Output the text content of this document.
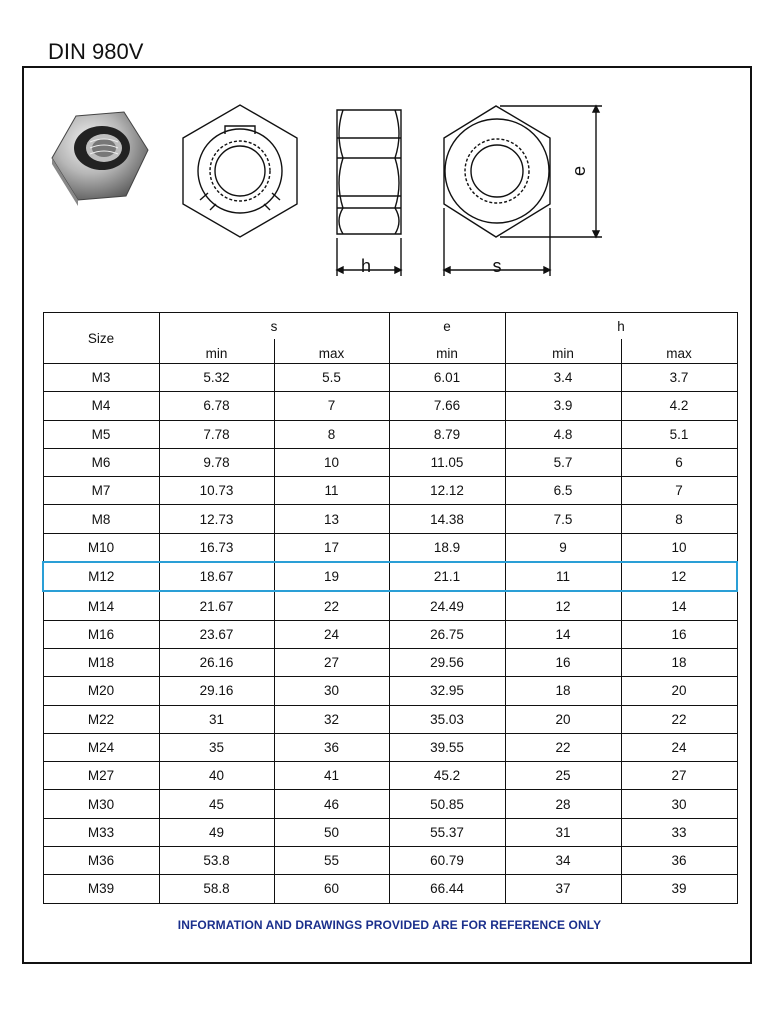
DIN 980V
h	s
e
Size	s		e	h	
	min	max	min	min	max
M3	5.32	5.5	6.01	3.4	3.7
M4	6.78	7	7.66	3.9	4.2
M5	7.78	8	8.79	4.8	5.1
M6	9.78	10	11.05	5.7	6
M7	10.73	11	12.12	6.5	7
M8	12.73	13	14.38	7.5	8
M10	16.73	17	18.9	9	10
M12	18.67	19	21.1	11	12
M14	21.67	22	24.49	12	14
M16	23.67	24	26.75	14	16
M18	26.16	27	29.56	16	18
M20	29.16	30	32.95	18	20
M22	31	32	35.03	20	22
M24	35	36	39.55	22	24
M27	40	41	45.2	25	27
M30	45	46	50.85	28	30
M33	49	50	55.37	31	33
M36	53.8	55	60.79	34	36
M39	58.8	60	66.44	37	39
INFORMATION AND DRAWINGS PROVIDED ARE FOR REFERENCE ONLY
